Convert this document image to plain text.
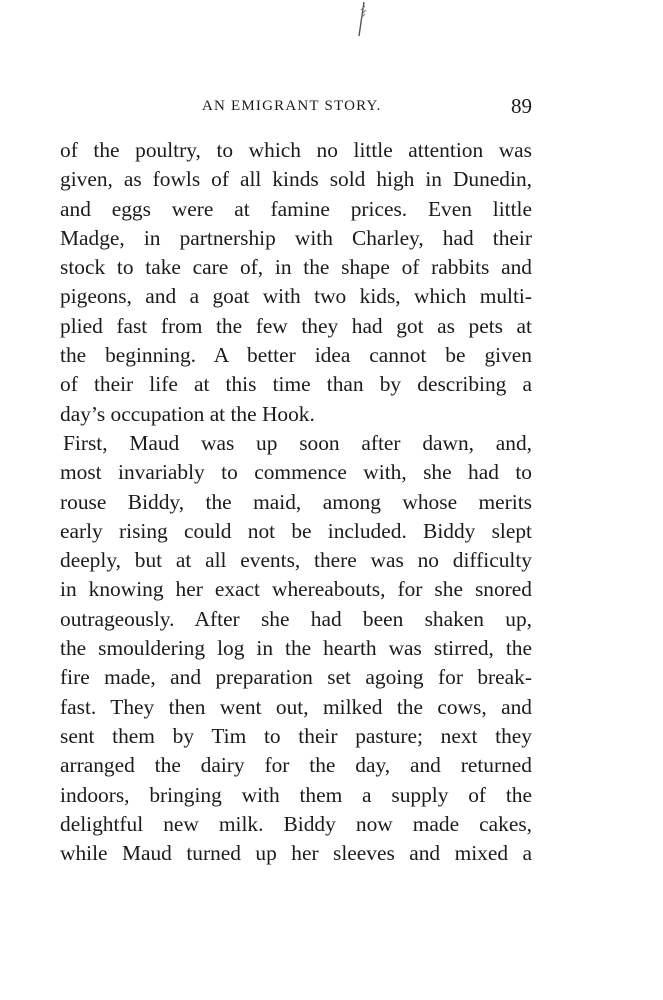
AN EMIGRANT STORY.	89
of the poultry, to which no little attention was
given, as fowls of all kinds sold high in Dunedin,
and eggs were at famine prices. Even little
Madge, in partnership with Charley, had their
stock to take care of, in the shape of rabbits and
pigeons, and a goat with two kids, which multi-
plied fast from the few they had got as pets at
the beginning. A better idea cannot be given
of their life at this time than by describing a
day’s occupation at the Hook.
First, Maud was up soon after dawn, and,
most invariably to commence with, she had to
rouse Biddy, the maid, among whose merits
early rising could not be included. Biddy slept
deeply, but at all events, there was no difficulty
in knowing her exact whereabouts, for she snored
outrageously. After she had been shaken up,
the smouldering log in the hearth was stirred, the
fire made, and preparation set agoing for break-
fast. They then went out, milked the cows, and
sent them by Tim to their pasture; next they
arranged the dairy for the day, and returned
indoors, bringing with them a supply of the
delightful new milk. Biddy now made cakes,
while Maud turned up her sleeves and mixed a
